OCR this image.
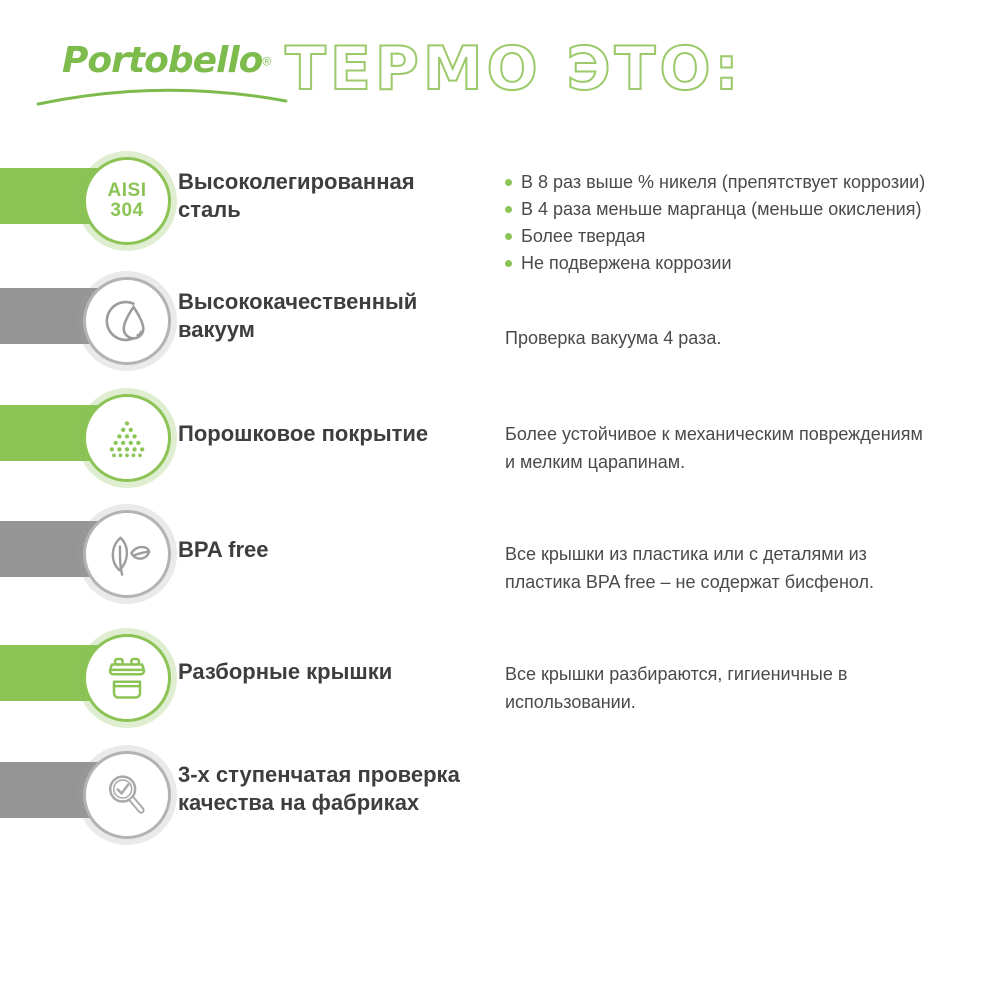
Portobello® ТЕРМО ЭТО:
AISI
304
Высоколегированная сталь
В 8 раз выше % никеля (препятствует коррозии)
В 4 раза меньше марганца (меньше окисления)
Более твердая
Не подвержена коррозии
Высококачественный вакуум	Проверка вакуума 4 раза.

Порошковое покрытие	Более устойчивое к механическим повреждениям и мелким царапинам.

BPA free	Все крышки из пластика или с деталями из пластика BPA free – не содержат бисфенол.

Разборные крышки	Все крышки разбираются, гигиеничные в использовании.

3-х ступенчатая проверка качества на фабриках
